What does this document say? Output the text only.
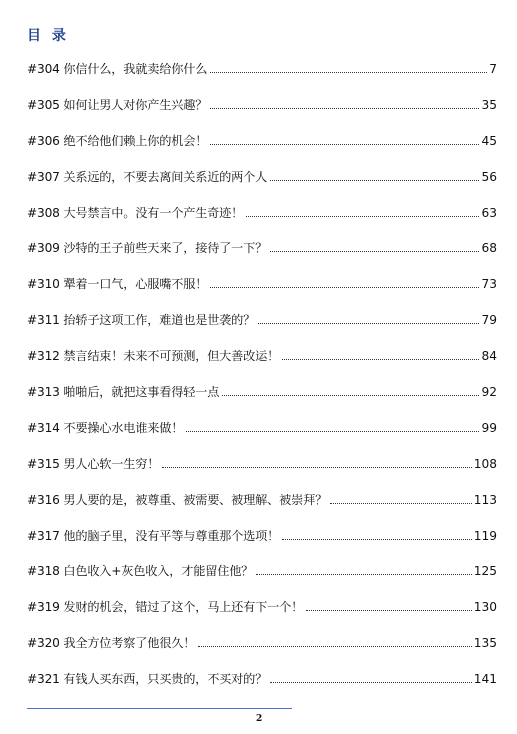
目 录
#304 你信什么，我就卖给你什么	7
#305 如何让男人对你产生兴趣？	35
#306 绝不给他们赖上你的机会！	45
#307 关系远的，不要去离间关系近的两个人	56
#308 大号禁言中。没有一个产生奇迹！	63
#309 沙特的王子前些天来了，接待了一下？	68
#310 犟着一口气，心服嘴不服！	73
#311 抬轿子这项工作，难道也是世袭的？	79
#312 禁言结束！未来不可预测，但大善改运！	84
#313 啪啪后，就把这事看得轻一点	92
#314 不要操心水电谁来做！	99
#315 男人心软一生穷！	108
#316 男人要的是，被尊重、被需要、被理解、被崇拜？	113
#317 他的脑子里，没有平等与尊重那个选项！	119
#318 白色收入+灰色收入，才能留住他？	125
#319 发财的机会，错过了这个，马上还有下一个！	130
#320 我全方位考察了他很久！	135
#321 有钱人买东西，只买贵的，不买对的？	141
2
